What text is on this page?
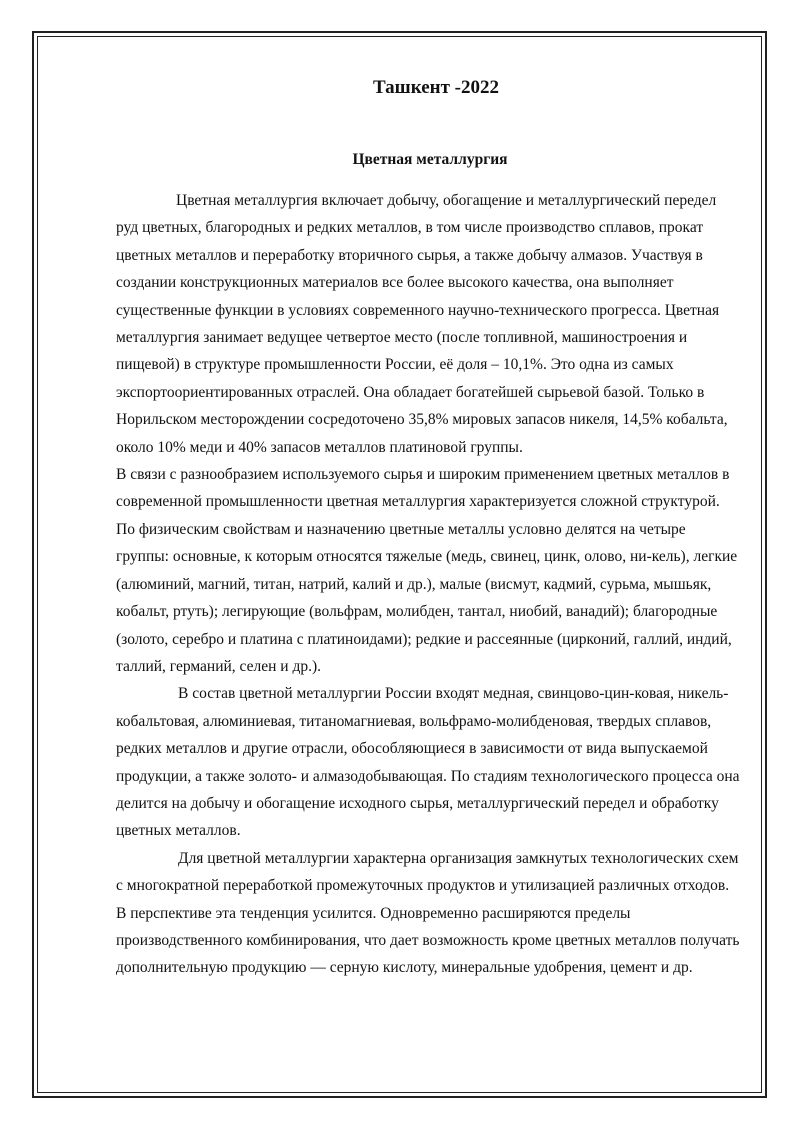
Ташкент -2022
Цветная металлургия

Цветная металлургия включает добычу, обогащение и металлургический передел руд цветных, благородных и редких металлов, в том числе производство сплавов, прокат цветных металлов и переработку вторичного сырья, а также добычу алмазов. Участвуя в создании конструкционных материалов все более высокого качества, она выполняет существенные функции в условиях современного научно-технического прогресса. Цветная металлургия занимает ведущее четвертое место (после топливной, машиностроения и пищевой) в структуре промышленности России, её доля – 10,1%. Это одна из самых экспортоориентированных отраслей. Она обладает богатейшей сырьевой базой. Только в Норильском месторождении сосредоточено 35,8% мировых запасов никеля, 14,5% кобальта, около 10% меди и 40% запасов металлов платиновой группы.

В связи с разнообразием используемого сырья и широким применением цветных металлов в современной промышленности цветная металлургия характеризуется сложной структурой. По физическим свойствам и назначению цветные металлы условно делятся на четыре группы: основные, к которым относятся тяжелые (медь, свинец, цинк, олово, ни-кель), легкие (алюминий, магний, титан, натрий, калий и др.), малые (висмут, кадмий, сурьма, мышьяк, кобальт, ртуть); легирующие (вольфрам, молибден, тантал, ниобий, ванадий); благородные (золото, серебро и платина с платиноидами); редкие и рассеянные (цирконий, галлий, индий, таллий, германий, селен и др.).

В состав цветной металлургии России входят медная, свинцово-цин-ковая, никель-кобальтовая, алюминиевая, титаномагниевая, вольфрамо-молибденовая, твердых сплавов, редких металлов и другие отрасли, обособляющиеся в зависимости от вида выпускаемой продукции, а также золото- и алмазодобывающая. По стадиям технологического процесса она делится на добычу и обогащение исходного сырья, металлургический передел и обработку цветных металлов.

Для цветной металлургии характерна организация замкнутых технологических схем с многократной переработкой промежуточных продуктов и утилизацией различных отходов. В перспективе эта тенденция усилится. Одновременно расширяются пределы производственного комбинирования, что дает возможность кроме цветных металлов получать дополнительную продукцию — серную кислоту, минеральные удобрения, цемент и др.
